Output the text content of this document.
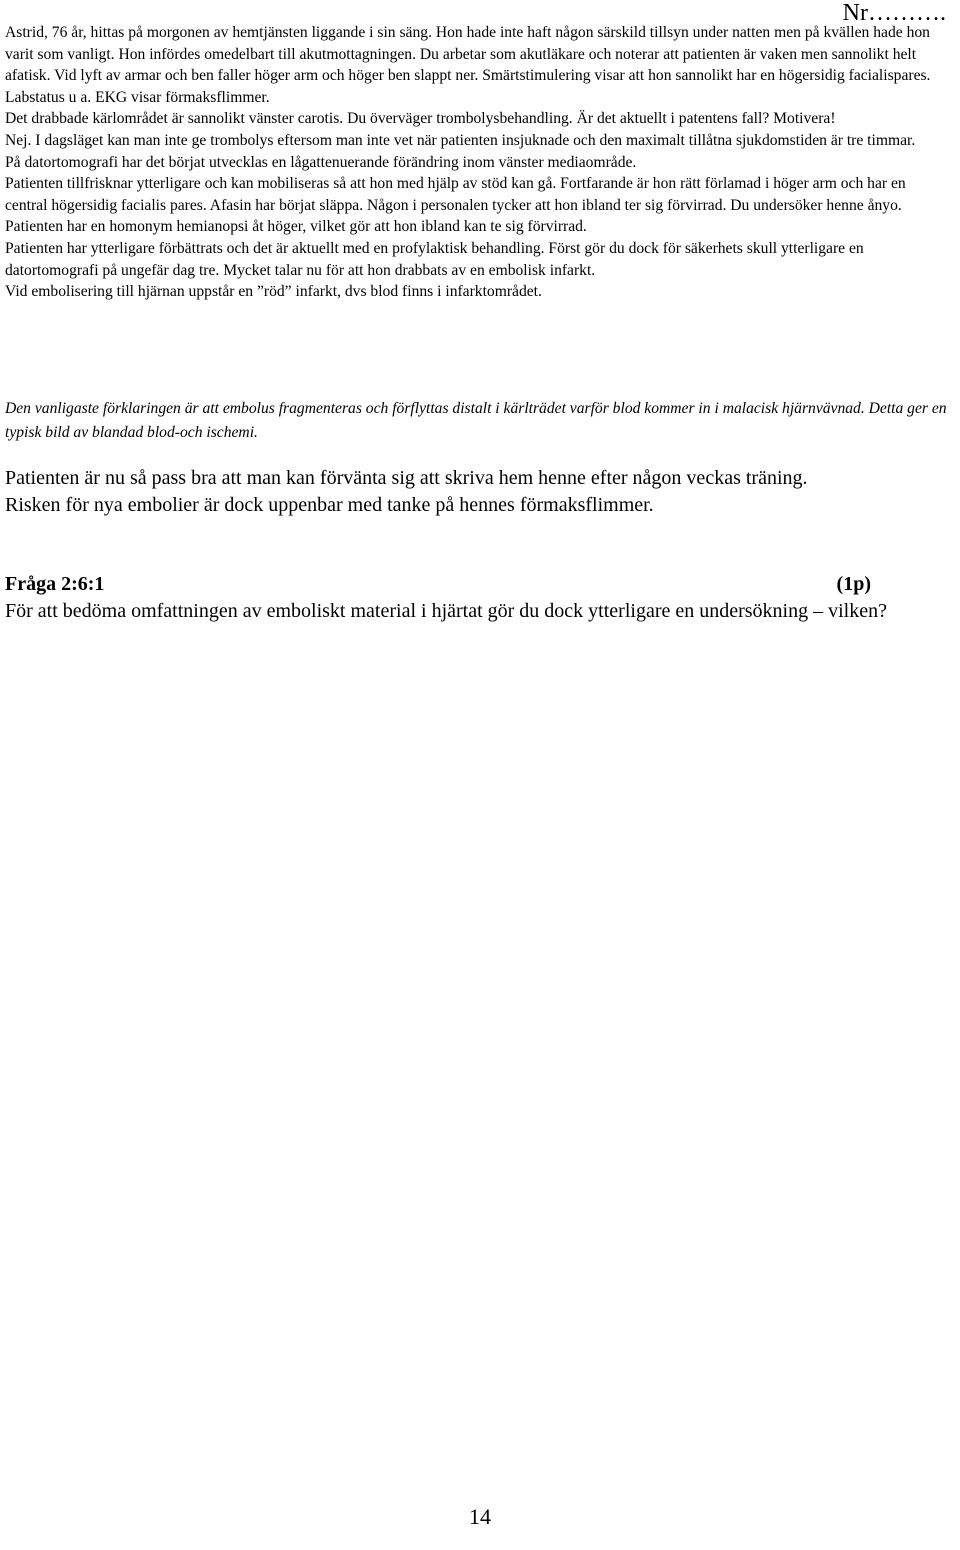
Nr……….

Astrid, 76 år, hittas på morgonen av hemtjänsten liggande i sin säng. Hon hade inte haft någon särskild tillsyn under natten men på kvällen hade hon varit som vanligt. Hon infördes omedelbart till akutmottagningen. Du arbetar som akutläkare och noterar att patienten är vaken men sannolikt helt afatisk. Vid lyft av armar och ben faller höger arm och höger ben slappt ner. Smärtstimulering visar att hon sannolikt har en högersidig facialispares. Labstatus u a. EKG visar förmaksflimmer.

Det drabbade kärlområdet är sannolikt vänster carotis. Du överväger trombolysbehandling. Är det aktuellt i patentens fall? Motivera!

Nej. I dagsläget kan man inte ge trombolys eftersom man inte vet när patienten insjuknade och den maximalt tillåtna sjukdomstiden är tre timmar.

På datortomografi har det börjat utvecklas en lågattenuerande förändring inom vänster mediaområde.

Patienten tillfrisknar ytterligare och kan mobiliseras så att hon med hjälp av stöd kan gå. Fortfarande är hon rätt förlamad i höger arm och har en central högersidig facialis pares. Afasin har börjat släppa. Någon i personalen tycker att hon ibland ter sig förvirrad. Du undersöker henne ånyo.

Patienten har en homonym hemianopsi åt höger, vilket gör att hon ibland kan te sig förvirrad.

Patienten har ytterligare förbättrats och det är aktuellt med en profylaktisk behandling. Först gör du dock för säkerhets skull ytterligare en datortomografi på ungefär dag tre. Mycket talar nu för att hon drabbats av en embolisk infarkt.

Vid embolisering till hjärnan uppstår en ”röd” infarkt, dvs blod finns i infarktområdet.

Den vanligaste förklaringen är att embolus fragmenteras och förflyttas distalt i kärlträdet varför blod kommer in i malacisk hjärnvävnad. Detta ger en typisk bild av blandad blod-och ischemi.

Patienten är nu så pass bra att man kan förvänta sig att skriva hem henne efter någon veckas träning.

Risken för nya embolier är dock uppenbar med tanke på hennes förmaksflimmer.

Fråga 2:6:1	(1p)

För att bedöma omfattningen av emboliskt material i hjärtat gör du dock ytterligare en undersökning – vilken?

14
